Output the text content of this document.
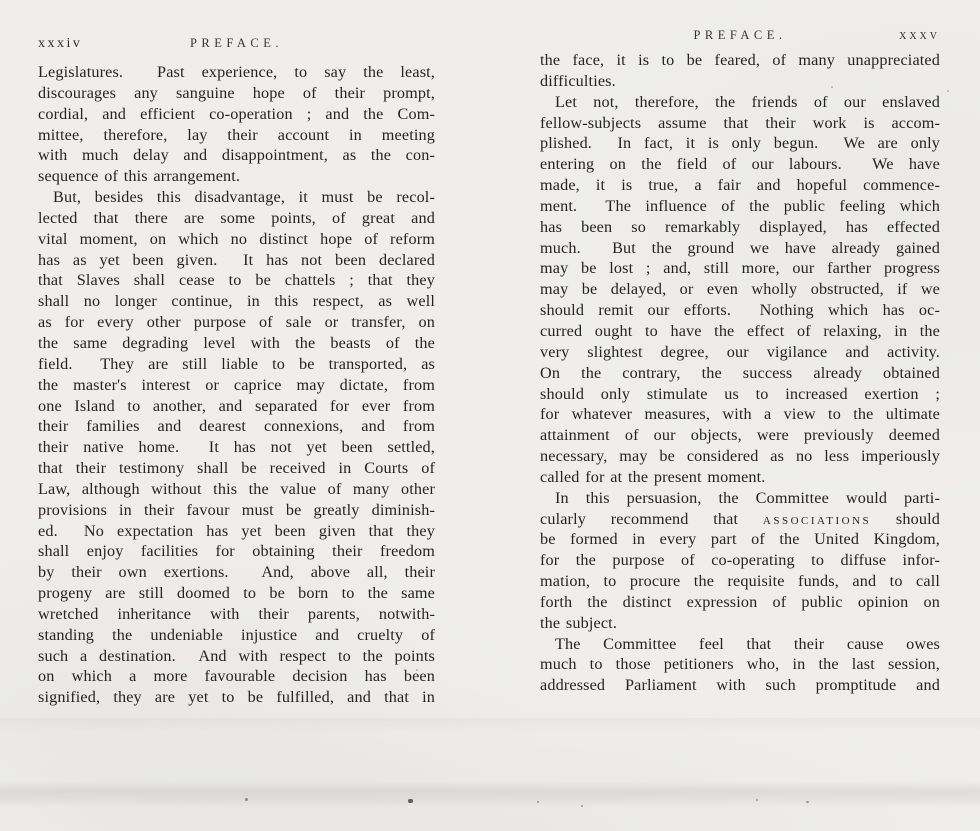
xxxiv	PREFACE.
Legislatures.  Past experience, to say the least,
discourages any sanguine hope of their prompt,
cordial, and efficient co-operation ; and the Com-
mittee, therefore, lay their account in meeting
with much delay and disappointment, as the con-
sequence of this arrangement.
But, besides this disadvantage, it must be recol-
lected that there are some points, of great and
vital moment, on which no distinct hope of reform
has as yet been given.  It has not been declared
that Slaves shall cease to be chattels ; that they
shall no longer continue, in this respect, as well
as for every other purpose of sale or transfer, on
the same degrading level with the beasts of the
field.  They are still liable to be transported, as
the master's interest or caprice may dictate, from
one Island to another, and separated for ever from
their families and dearest connexions, and from
their native home.  It has not yet been settled,
that their testimony shall be received in Courts of
Law, although without this the value of many other
provisions in their favour must be greatly diminish-
ed.  No expectation has yet been given that they
shall enjoy facilities for obtaining their freedom
by their own exertions.  And, above all, their
progeny are still doomed to be born to the same
wretched inheritance with their parents, notwith-
standing the undeniable injustice and cruelty of
such a destination.  And with respect to the points
on which a more favourable decision has been
signified, they are yet to be fulfilled, and that in
PREFACE.	xxxv
the face, it is to be feared, of many unappreciated
difficulties.
Let not, therefore, the friends of our enslaved
fellow-subjects assume that their work is accom-
plished.  In fact, it is only begun.  We are only
entering on the field of our labours.  We have
made, it is true, a fair and hopeful commence-
ment.  The influence of the public feeling which
has been so remarkably displayed, has effected
much.  But the ground we have already gained
may be lost ; and, still more, our farther progress
may be delayed, or even wholly obstructed, if we
should remit our efforts.  Nothing which has oc-
curred ought to have the effect of relaxing, in the
very slightest degree, our vigilance and activity.
On the contrary, the success already obtained
should only stimulate us to increased exertion ;
for whatever measures, with a view to the ultimate
attainment of our objects, were previously deemed
necessary, may be considered as no less imperiously
called for at the present moment.
In this persuasion, the Committee would parti-
cularly recommend that associations should
be formed in every part of the United Kingdom,
for the purpose of co-operating to diffuse infor-
mation, to procure the requisite funds, and to call
forth the distinct expression of public opinion on
the subject.
The Committee feel that their cause owes
much to those petitioners who, in the last session,
addressed Parliament with such promptitude and
